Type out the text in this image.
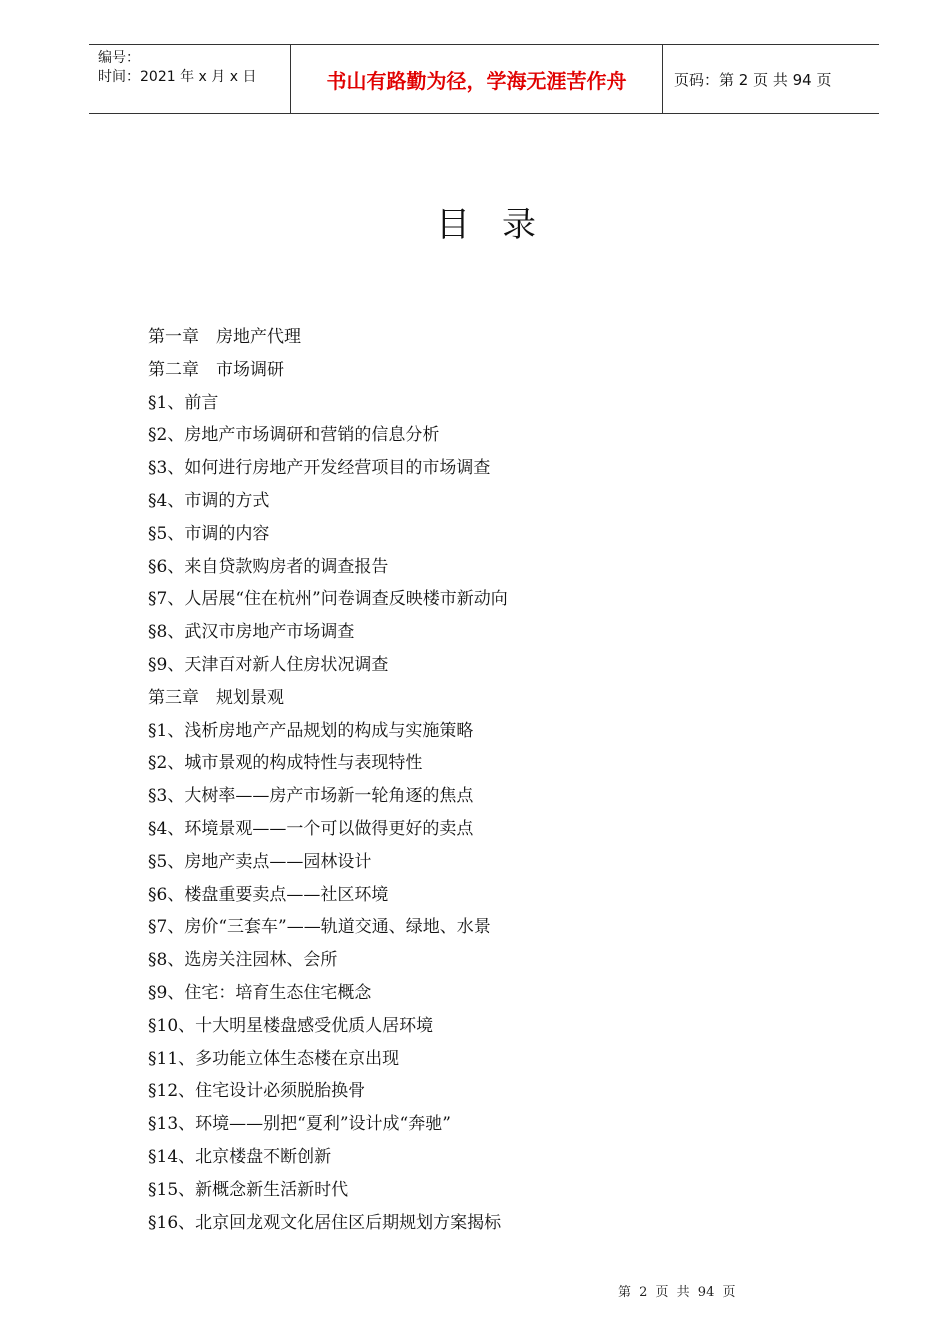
编号：
时间：2021 年 x 月 x 日	书山有路勤为径，学海无涯苦作舟	页码：第 2 页 共 94 页
目录
第一章　房地产代理
第二章　市场调研
§1、前言
§2、房地产市场调研和营销的信息分析
§3、如何进行房地产开发经营项目的市场调查
§4、市调的方式
§5、市调的内容
§6、来自贷款购房者的调查报告
§7、人居展“住在杭州”问卷调查反映楼市新动向
§8、武汉市房地产市场调查
§9、天津百对新人住房状况调查
第三章　规划景观
§1、浅析房地产产品规划的构成与实施策略
§2、城市景观的构成特性与表现特性
§3、大树率——房产市场新一轮角逐的焦点
§4、环境景观——一个可以做得更好的卖点
§5、房地产卖点——园林设计
§6、楼盘重要卖点——社区环境
§7、房价“三套车”——轨道交通、绿地、水景
§8、选房关注园林、会所
§9、住宅：培育生态住宅概念
§10、十大明星楼盘感受优质人居环境
§11、多功能立体生态楼在京出现
§12、住宅设计必须脱胎换骨
§13、环境——别把“夏利”设计成“奔驰”
§14、北京楼盘不断创新
§15、新概念新生活新时代
§16、北京回龙观文化居住区后期规划方案揭标
第 2 页 共 94 页
